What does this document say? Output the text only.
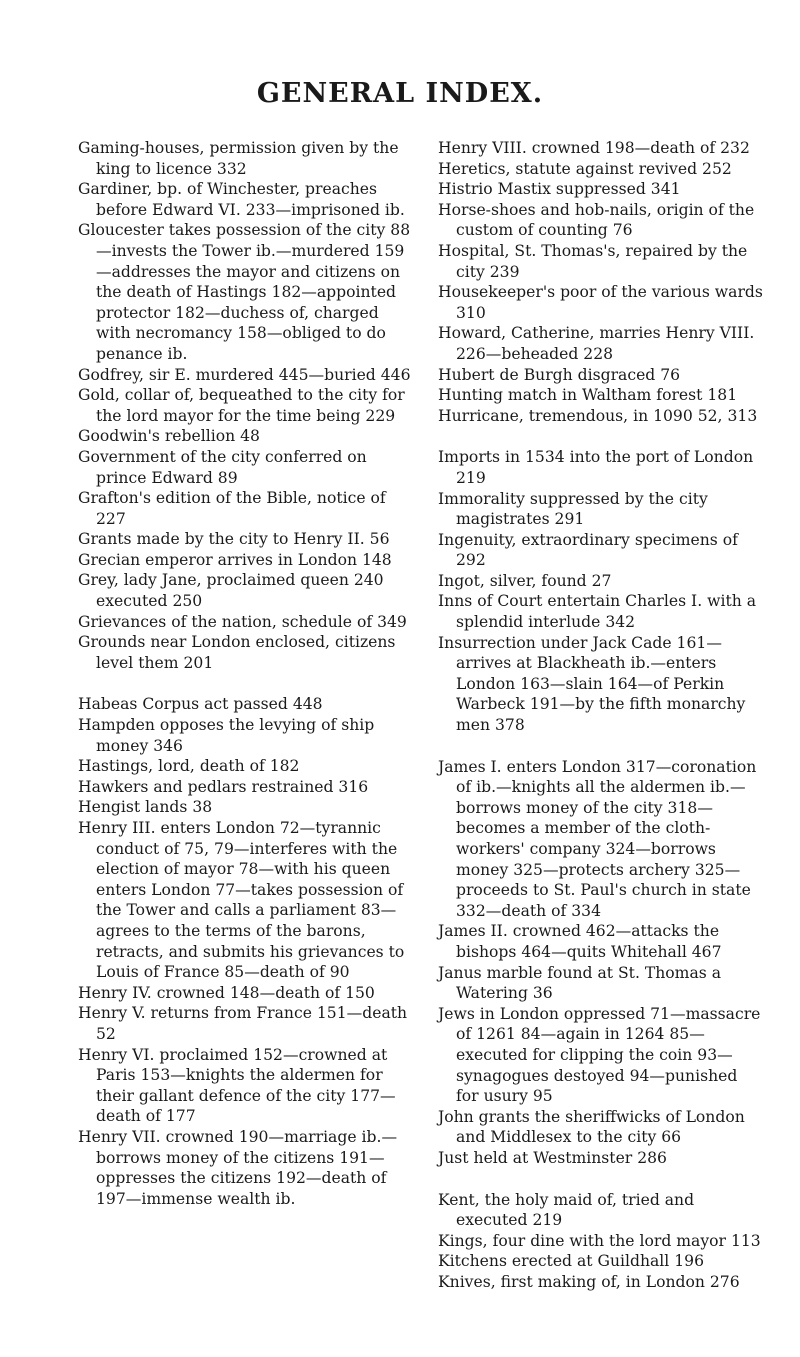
GENERAL INDEX.
Gaming-houses, permission given by the king to licence 332
Gardiner, bp. of Winchester, preaches before Edward VI. 233—imprisoned ib.
Gloucester takes possession of the city 88—invests the Tower ib.—murdered 159—addresses the mayor and citizens on the death of Hastings 182—appointed protector 182—duchess of, charged with necromancy 158—obliged to do penance ib.
Godfrey, sir E. murdered 445—buried 446
Gold, collar of, bequeathed to the city for the lord mayor for the time being 229
Goodwin's rebellion 48
Government of the city conferred on prince Edward 89
Grafton's edition of the Bible, notice of 227
Grants made by the city to Henry II. 56
Grecian emperor arrives in London 148
Grey, lady Jane, proclaimed queen 240 executed 250
Grievances of the nation, schedule of 349
Grounds near London enclosed, citizens level them 201
Habeas Corpus act passed 448
Hampden opposes the levying of ship money 346
Hastings, lord, death of 182
Hawkers and pedlars restrained 316
Hengist lands 38
Henry III. enters London 72—tyrannic conduct of 75, 79—interferes with the election of mayor 78—with his queen enters London 77—takes possession of the Tower and calls a parliament 83—agrees to the terms of the barons, retracts, and submits his grievances to Louis of France 85—death of 90
Henry IV. crowned 148—death of 150
Henry V. returns from France 151—death 52
Henry VI. proclaimed 152—crowned at Paris 153—knights the aldermen for their gallant defence of the city 177—death of 177
Henry VII. crowned 190—marriage ib.—borrows money of the citizens 191—oppresses the citizens 192—death of 197—immense wealth ib.
Henry VIII. crowned 198—death of 232
Heretics, statute against revived 252
Histrio Mastix suppressed 341
Horse-shoes and hob-nails, origin of the custom of counting 76
Hospital, St. Thomas's, repaired by the city 239
Housekeeper's poor of the various wards 310
Howard, Catherine, marries Henry VIII. 226—beheaded 228
Hubert de Burgh disgraced 76
Hunting match in Waltham forest 181
Hurricane, tremendous, in 1090 52, 313
Imports in 1534 into the port of London 219
Immorality suppressed by the city magistrates 291
Ingenuity, extraordinary specimens of 292
Ingot, silver, found 27
Inns of Court entertain Charles I. with a splendid interlude 342
Insurrection under Jack Cade 161—arrives at Blackheath ib.—enters London 163—slain 164—of Perkin Warbeck 191—by the fifth monarchy men 378
James I. enters London 317—coronation of ib.—knights all the aldermen ib.—borrows money of the city 318—becomes a member of the cloth-workers' company 324—borrows money 325—protects archery 325—proceeds to St. Paul's church in state 332—death of 334
James II. crowned 462—attacks the bishops 464—quits Whitehall 467
Janus marble found at St. Thomas a Watering 36
Jews in London oppressed 71—massacre of 1261 84—again in 1264 85—executed for clipping the coin 93—synagogues destoyed 94—punished for usury 95
John grants the sheriffwicks of London and Middlesex to the city 66
Just held at Westminster 286
Kent, the holy maid of, tried and executed 219
Kings, four dine with the lord mayor 113
Kitchens erected at Guildhall 196
Knives, first making of, in London 276
